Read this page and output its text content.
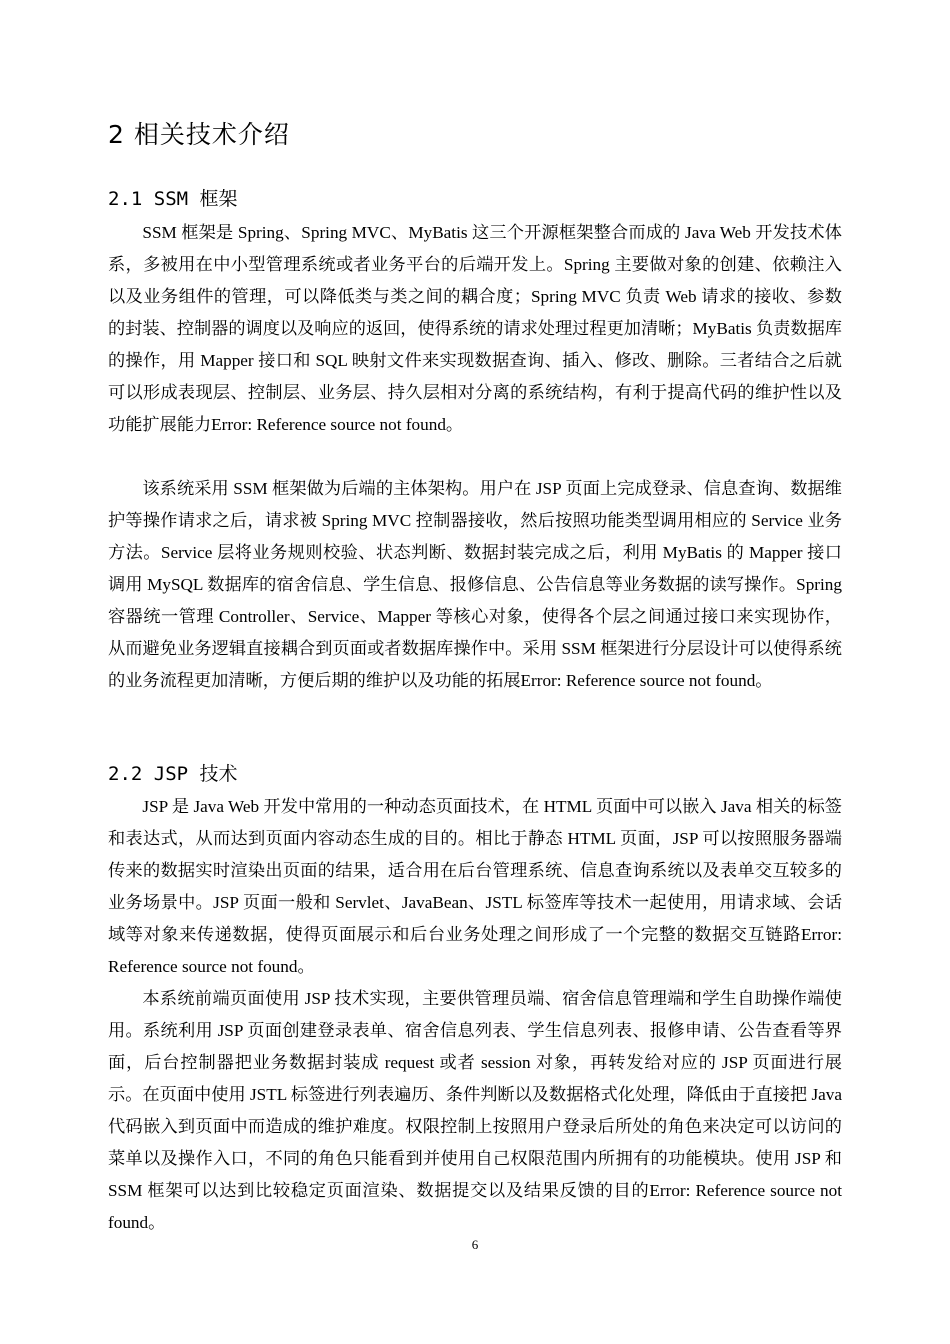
2 相关技术介绍
2.1 SSM 框架

SSM 框架是 Spring、Spring MVC、MyBatis 这三个开源框架整合而成的 Java Web 开发技术体系，多被用在中小型管理系统或者业务平台的后端开发上。Spring 主要做对象的创建、依赖注入以及业务组件的管理，可以降低类与类之间的耦合度；Spring MVC 负责 Web 请求的接收、参数的封装、控制器的调度以及响应的返回，使得系统的请求处理过程更加清晰；MyBatis 负责数据库的操作，用 Mapper 接口和 SQL 映射文件来实现数据查询、插入、修改、删除。三者结合之后就可以形成表现层、控制层、业务层、持久层相对分离的系统结构，有利于提高代码的维护性以及功能扩展能力Error: Reference source not found。

该系统采用 SSM 框架做为后端的主体架构。用户在 JSP 页面上完成登录、信息查询、数据维护等操作请求之后，请求被 Spring MVC 控制器接收，然后按照功能类型调用相应的 Service 业务方法。Service 层将业务规则校验、状态判断、数据封装完成之后，利用 MyBatis 的 Mapper 接口调用 MySQL 数据库的宿舍信息、学生信息、报修信息、公告信息等业务数据的读写操作。Spring 容器统一管理 Controller、Service、Mapper 等核心对象，使得各个层之间通过接口来实现协作，从而避免业务逻辑直接耦合到页面或者数据库操作中。采用 SSM 框架进行分层设计可以使得系统的业务流程更加清晰，方便后期的维护以及功能的拓展Error: Reference source not found。

2.2 JSP 技术

JSP 是 Java Web 开发中常用的一种动态页面技术，在 HTML 页面中可以嵌入 Java 相关的标签和表达式，从而达到页面内容动态生成的目的。相比于静态 HTML 页面，JSP 可以按照服务器端传来的数据实时渲染出页面的结果，适合用在后台管理系统、信息查询系统以及表单交互较多的业务场景中。JSP 页面一般和 Servlet、JavaBean、JSTL 标签库等技术一起使用，用请求域、会话域等对象来传递数据，使得页面展示和后台业务处理之间形成了一个完整的数据交互链路Error: Reference source not found。

本系统前端页面使用 JSP 技术实现，主要供管理员端、宿舍信息管理端和学生自助操作端使用。系统利用 JSP 页面创建登录表单、宿舍信息列表、学生信息列表、报修申请、公告查看等界面，后台控制器把业务数据封装成 request 或者 session 对象，再转发给对应的 JSP 页面进行展示。在页面中使用 JSTL 标签进行列表遍历、条件判断以及数据格式化处理，降低由于直接把 Java 代码嵌入到页面中而造成的维护难度。权限控制上按照用户登录后所处的角色来决定可以访问的菜单以及操作入口，不同的角色只能看到并使用自己权限范围内所拥有的功能模块。使用 JSP 和 SSM 框架可以达到比较稳定页面渲染、数据提交以及结果反馈的目的Error: Reference source not found。

6
